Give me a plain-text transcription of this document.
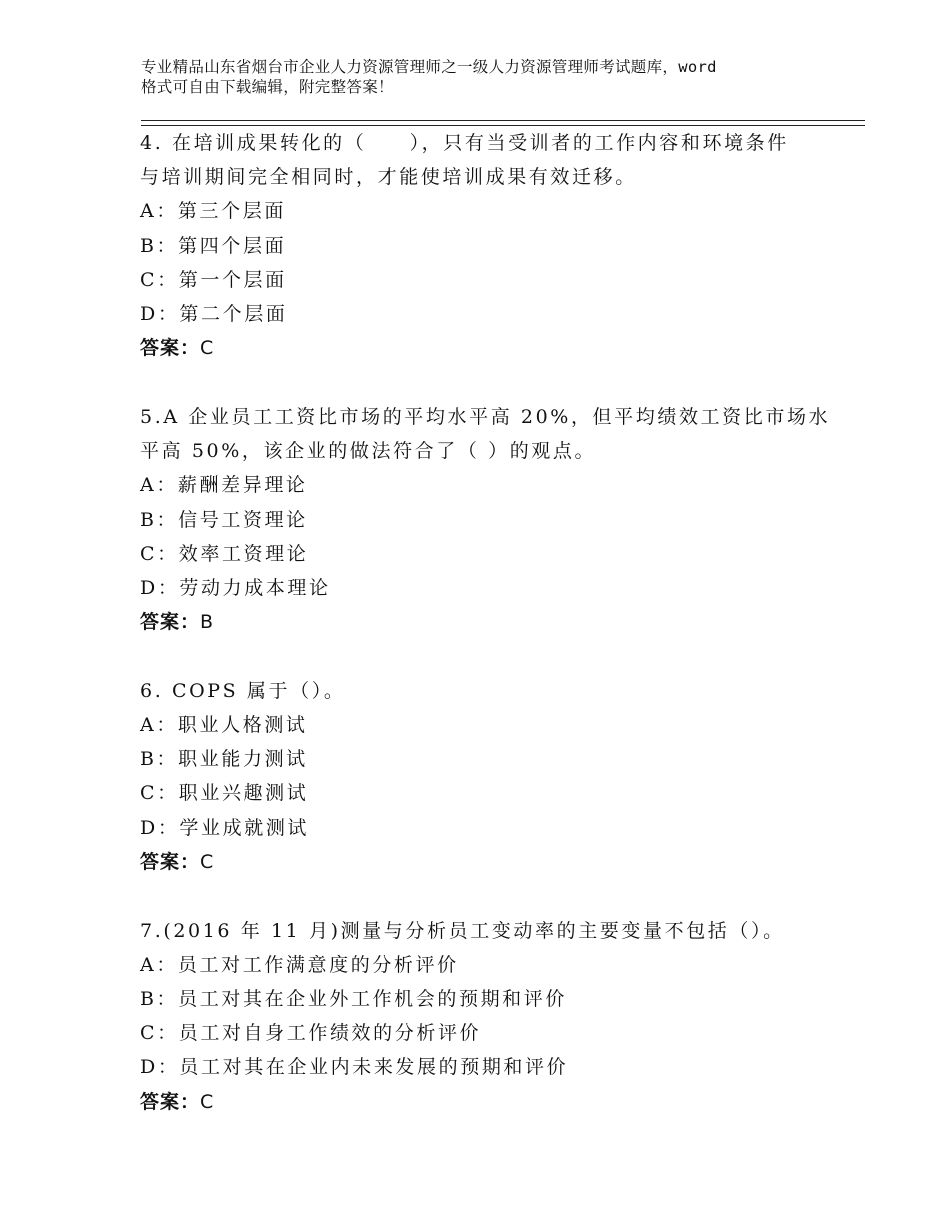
专业精品山东省烟台市企业人力资源管理师之一级人力资源管理师考试题库，word
格式可自由下载编辑，附完整答案！
4. 在培训成果转化的（　　），只有当受训者的工作内容和环境条件
与培训期间完全相同时，才能使培训成果有效迁移。
A：第三个层面
B：第四个层面
C：第一个层面
D：第二个层面
答案：C
5.A 企业员工工资比市场的平均水平高 20%，但平均绩效工资比市场水
平高 50%，该企业的做法符合了（ ）的观点。
A：薪酬差异理论
B：信号工资理论
C：效率工资理论
D：劳动力成本理论
答案：B
6. COPS 属于（）。
A：职业人格测试
B：职业能力测试
C：职业兴趣测试
D：学业成就测试
答案：C
7.(2016 年 11 月)测量与分析员工变动率的主要变量不包括（）。
A：员工对工作满意度的分析评价
B：员工对其在企业外工作机会的预期和评价
C：员工对自身工作绩效的分析评价
D：员工对其在企业内未来发展的预期和评价
答案：C
